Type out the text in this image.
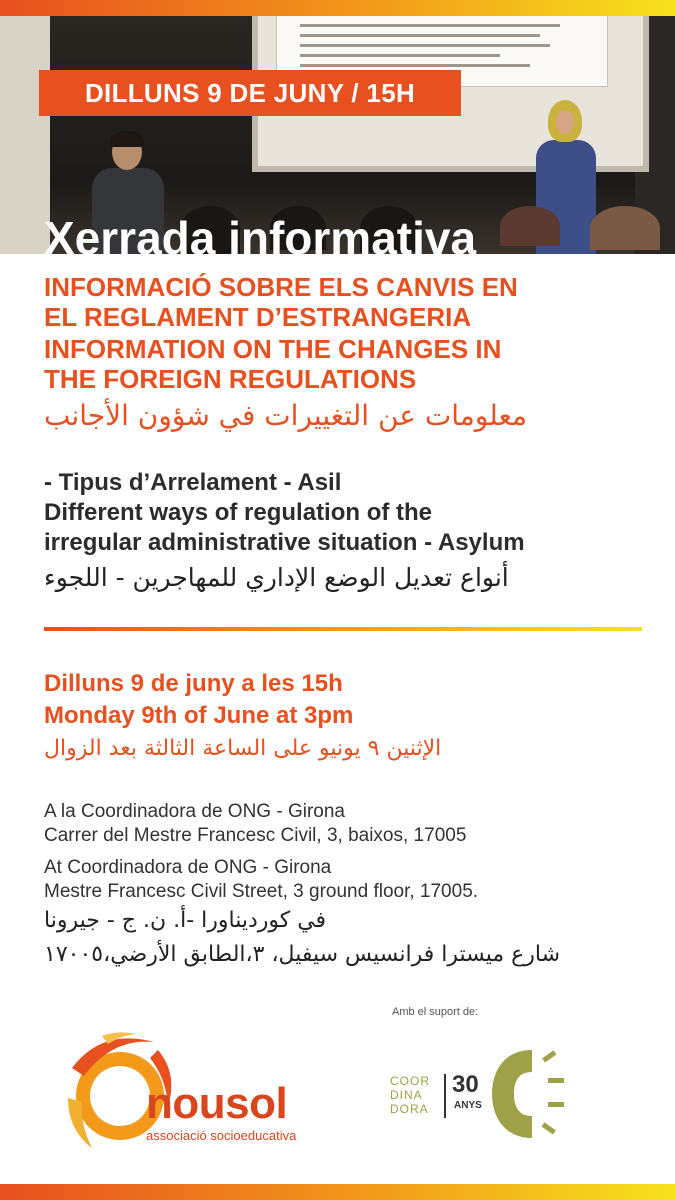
DILLUNS 9 DE JUNY / 15H
Xerrada informativa

INFORMACIÓ SOBRE ELS CANVIS EN

EL REGLAMENT D’ESTRANGERIA

INFORMATION ON THE CHANGES IN

THE FOREIGN REGULATIONS

معلومات عن التغييرات في شؤون الأجانب

- Tipus d’Arrelament - Asil

Different ways of regulation of the

irregular administrative situation - Asylum

أنواع تعديل الوضع الإداري للمهاجرين - اللجوء

Dilluns 9 de juny a les 15h

Monday 9th of June at 3pm

الإثنين ٩ يونيو على الساعة الثالثة بعد الزوال

A la Coordinadora de ONG - Girona

Carrer del Mestre Francesc Civil, 3, baixos, 17005

At Coordinadora de ONG - Girona

Mestre Francesc Civil Street, 3 ground floor, 17005.

في كورديناورا -أ. ن. ج - جيرونا

شارع ميسترا فرانسيس سيفيل، ٣،الطابق الأرضي،١٧٠٠٥

Amb el suport de:
nousol
associació socioeducativa
COOR
DINA
DORA
30
ANYS
